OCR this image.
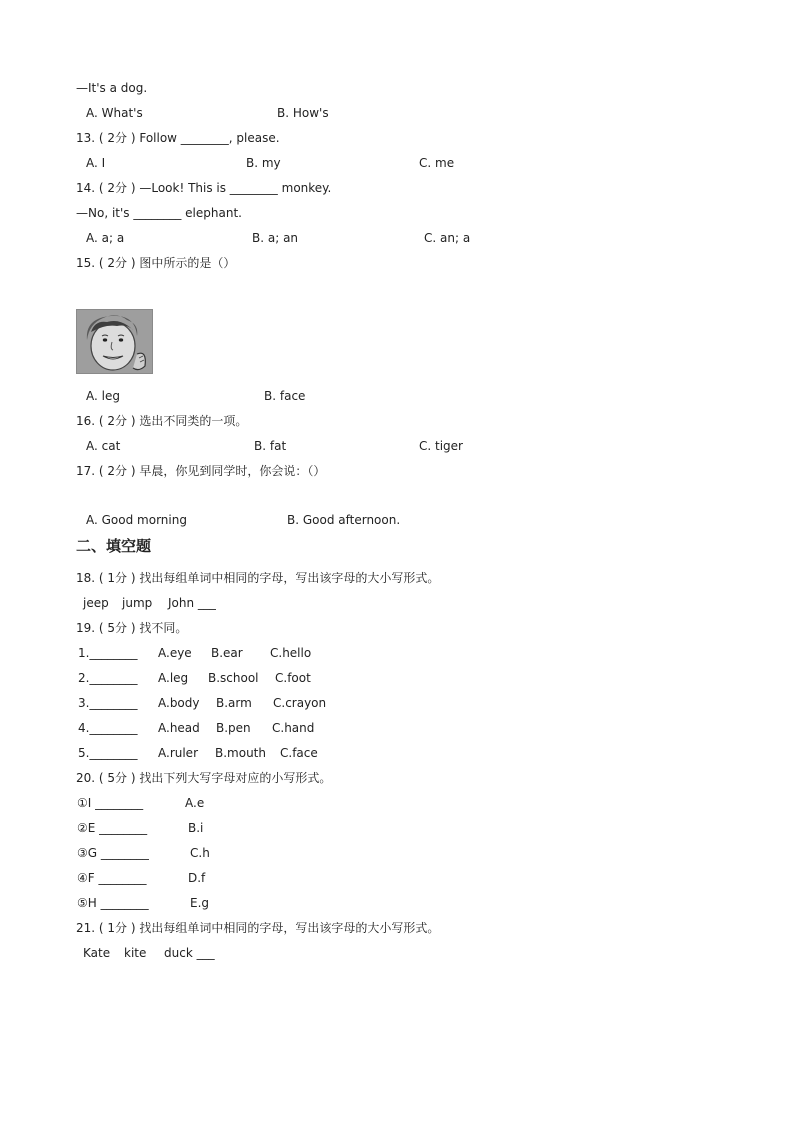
—It's a dog.
A. What's	B. How's
13. ( 2分 ) Follow ________, please.
A. I	B. my	C. me
14. ( 2分 ) —Look! This is ________ monkey.
—No, it's ________ elephant.
A. a; a	B. a; an	C. an; a
15. ( 2分 ) 图中所示的是（）
A. leg	B. face
16. ( 2分 ) 选出不同类的一项。
A. cat	B. fat	C. tiger
17. ( 2分 ) 早晨，你见到同学时，你会说：（）
A. Good morning	B. Good afternoon.
二、填空题
18. ( 1分 ) 找出每组单词中相同的字母，写出该字母的大小写形式。
jeep jump John ___
19. ( 5分 ) 找不同。
1.________ A.eye B.ear C.hello
2.________ A.leg B.school C.foot
3.________ A.body B.arm C.crayon
4.________ A.head B.pen C.hand
5.________ A.ruler B.mouth C.face
20. ( 5分 ) 找出下列大写字母对应的小写形式。
①I ________	A.e
②E ________	B.i
③G ________	C.h
④F ________	D.f
⑤H ________	E.g
21. ( 1分 ) 找出每组单词中相同的字母，写出该字母的大小写形式。
Kate kite duck ___
